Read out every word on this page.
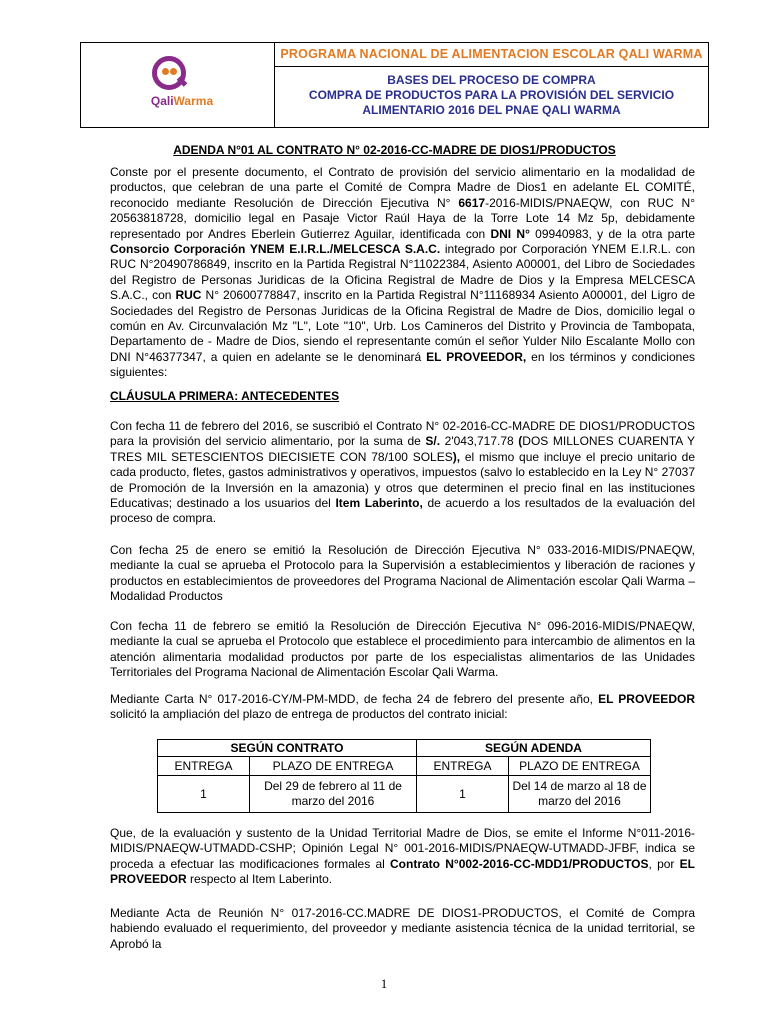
PROGRAMA NACIONAL DE ALIMENTACION ESCOLAR QALI WARMA
BASES DEL PROCESO DE COMPRA
COMPRA DE PRODUCTOS PARA LA PROVISIÓN DEL SERVICIO
ALIMENTARIO 2016 DEL PNAE QALI WARMA
QaliWarma
ADENDA N°01 AL CONTRATO N° 02-2016-CC-MADRE DE DIOS1/PRODUCTOS

Conste por el presente documento, el Contrato de provisión del servicio alimentario en la modalidad de productos, que celebran de una parte el Comité de Compra Madre de Dios1 en adelante EL COMITÉ, reconocido mediante Resolución de Dirección Ejecutiva N° 6617-2016-MIDIS/PNAEQW, con RUC N° 20563818728, domicilio legal en Pasaje Victor Raúl Haya de la Torre Lote 14 Mz 5p, debidamente representado por Andres Eberlein Gutierrez Aguilar, identificada con DNI N° 09940983, y de la otra parte Consorcio Corporación YNEM E.I.R.L./MELCESCA S.A.C. integrado por Corporación YNEM E.I.R.L. con RUC N°20490786849, inscrito en la Partida Registral N°11022384, Asiento A00001, del Libro de Sociedades del Registro de Personas Juridicas de la Oficina Registral de Madre de Dios y la Empresa MELCESCA S.A.C., con RUC N° 20600778847, inscrito en la Partida Registral N°11168934 Asiento A00001, del Ligro de Sociedades del Registro de Personas Juridicas de la Oficina Registral de Madre de Dios, domicilio legal o común en Av. Circunvalación Mz "L", Lote "10", Urb. Los Camineros del Distrito y Provincia de Tambopata, Departamento de - Madre de Dios, siendo el representante común el señor Yulder Nilo Escalante Mollo con DNI N°46377347, a quien en adelante se le denominará EL PROVEEDOR, en los términos y condiciones siguientes:

CLÁUSULA PRIMERA: ANTECEDENTES

Con fecha 11 de febrero del 2016, se suscribió el Contrato N° 02-2016-CC-MADRE DE DIOS1/PRODUCTOS para la provisión del servicio alimentario, por la suma de S/. 2'043,717.78 (DOS MILLONES CUARENTA Y TRES MIL SETESCIENTOS DIECISIETE CON 78/100 SOLES), el mismo que incluye el precio unitario de cada producto, fletes, gastos administrativos y operativos, impuestos (salvo lo establecido en la Ley N° 27037 de Promoción de la Inversión en la amazonia) y otros que determinen el precio final en las instituciones Educativas; destinado a los usuarios del Item Laberinto, de acuerdo a los resultados de la evaluación del proceso de compra.

Con fecha 25 de enero se emitió la Resolución de Dirección Ejecutiva N° 033-2016-MIDIS/PNAEQW, mediante la cual se aprueba el Protocolo para la Supervisión a establecimientos y liberación de raciones y productos en establecimientos de proveedores del Programa Nacional de Alimentación escolar Qali Warma – Modalidad Productos

Con fecha 11 de febrero se emitió la Resolución de Dirección Ejecutiva N° 096-2016-MIDIS/PNAEQW, mediante la cual se aprueba el Protocolo que establece el procedimiento para intercambio de alimentos en la atención alimentaria modalidad productos por parte de los especialistas alimentarios de las Unidades Territoriales del Programa Nacional de Alimentación Escolar Qali Warma.

Mediante Carta N° 017-2016-CY/M-PM-MDD, de fecha 24 de febrero del presente año, EL PROVEEDOR solicitó la ampliación del plazo de entrega de productos del contrato inicial:

SEGÚN CONTRATO		SEGÚN ADENDA	
ENTREGA	PLAZO DE ENTREGA	ENTREGA	PLAZO DE ENTREGA
1	Del 29 de febrero al 11 de marzo del 2016	1	Del 14 de marzo al 18 de marzo del 2016

Que, de la evaluación y sustento de la Unidad Territorial Madre de Dios, se emite el Informe N°011-2016-MIDIS/PNAEQW-UTMADD-CSHP; Opinión Legal N° 001-2016-MIDIS/PNAEQW-UTMADD-JFBF, indica se proceda a efectuar las modificaciones formales al Contrato N°002-2016-CC-MDD1/PRODUCTOS, por EL PROVEEDOR respecto al Item Laberinto.

Mediante Acta de Reunión N° 017-2016-CC.MADRE DE DIOS1-PRODUCTOS, el Comité de Compra habiendo evaluado el requerimiento, del proveedor y mediante asistencia técnica de la unidad territorial, se Aprobó la

1
